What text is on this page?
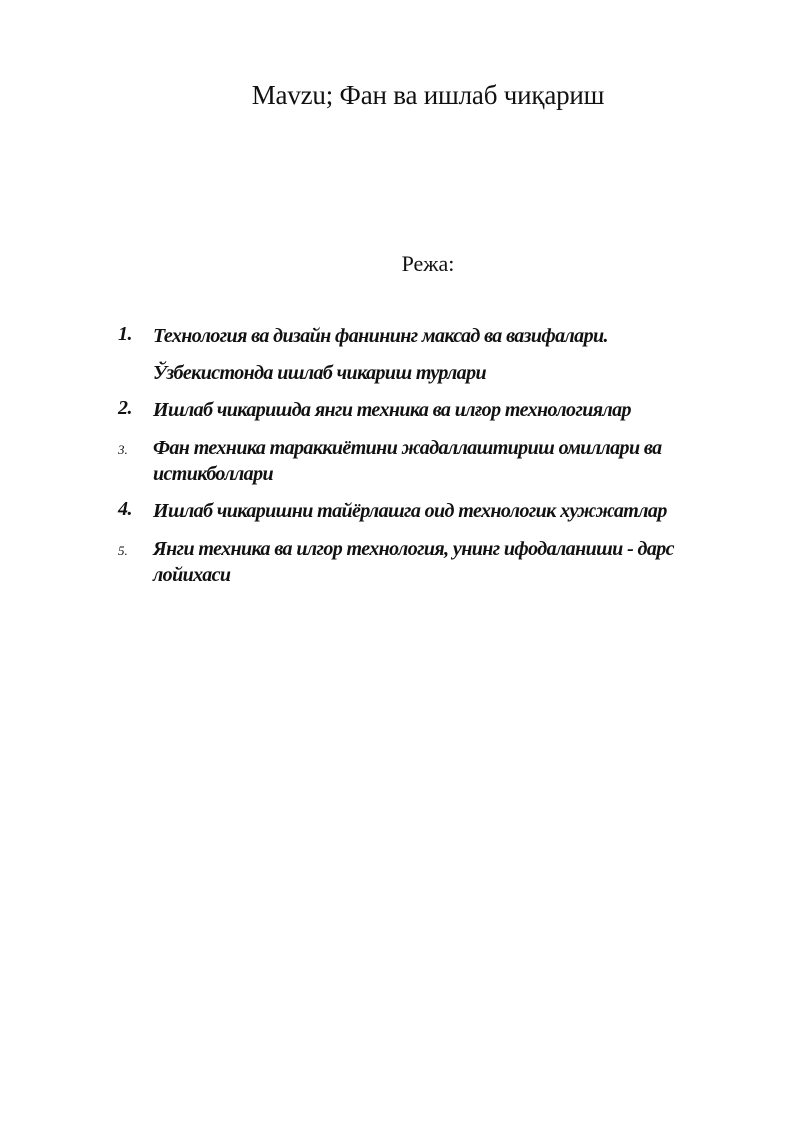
Mavzu; Фан ва ишлаб чиқариш
Режа:
1. Технология ва дизайн фанининг максад ва вазифалари.
Ўзбекистонда ишлаб чикариш турлари
2. Ишлаб чикаришда янги техника ва илғор технологиялар
3. Фан техника тараккиётини жадаллаштириш омиллари ва
истикболлари
4. Ишлаб чикаришни тайёрлашга оид технологик хужжатлар
5. Янги техника ва илгор технология, унинг ифодаланиши - дарс
лойихаси
